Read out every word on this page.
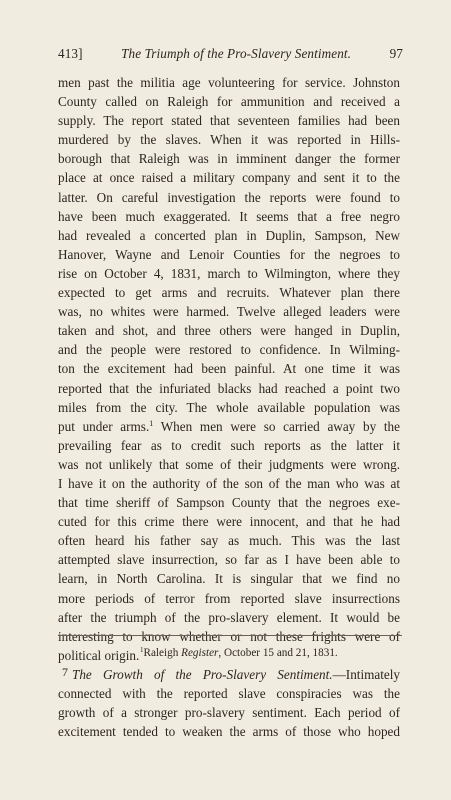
413]	The Triumph of the Pro-Slavery Sentiment.	97
men past the militia age volunteering for service. Johnston
County called on Raleigh for ammunition and received a
supply. The report stated that seventeen families had been
murdered by the slaves. When it was reported in Hills-
borough that Raleigh was in imminent danger the former
place at once raised a military company and sent it to the
latter. On careful investigation the reports were found to
have been much exaggerated. It seems that a free negro
had revealed a concerted plan in Duplin, Sampson, New
Hanover, Wayne and Lenoir Counties for the negroes to
rise on October 4, 1831, march to Wilmington, where they
expected to get arms and recruits. Whatever plan there
was, no whites were harmed. Twelve alleged leaders were
taken and shot, and three others were hanged in Duplin,
and the people were restored to confidence. In Wilming-
ton the excitement had been painful. At one time it was
reported that the infuriated blacks had reached a point two
miles from the city. The whole available population was
put under arms.$^1$ When men were so carried away by the
prevailing fear as to credit such reports as the latter it
was not unlikely that some of their judgments were wrong.
I have it on the authority of the son of the man who was at
that time sheriff of Sampson County that the negroes exe-
cuted for this crime there were innocent, and that he had
often heard his father say as much. This was the last
attempted slave insurrection, so far as I have been able to
learn, in North Carolina. It is singular that we find no
more periods of terror from reported slave insurrections
after the triumph of the pro-slavery element. It would be
interesting to know whether or not these frights were of
political origin.
The Growth of the Pro-Slavery Sentiment.—Intimately
connected with the reported slave conspiracies was the
growth of a stronger pro-slavery sentiment. Each period of
excitement tended to weaken the arms of those who hoped
$^1$Raleigh Register, October 15 and 21, 1831.
7
